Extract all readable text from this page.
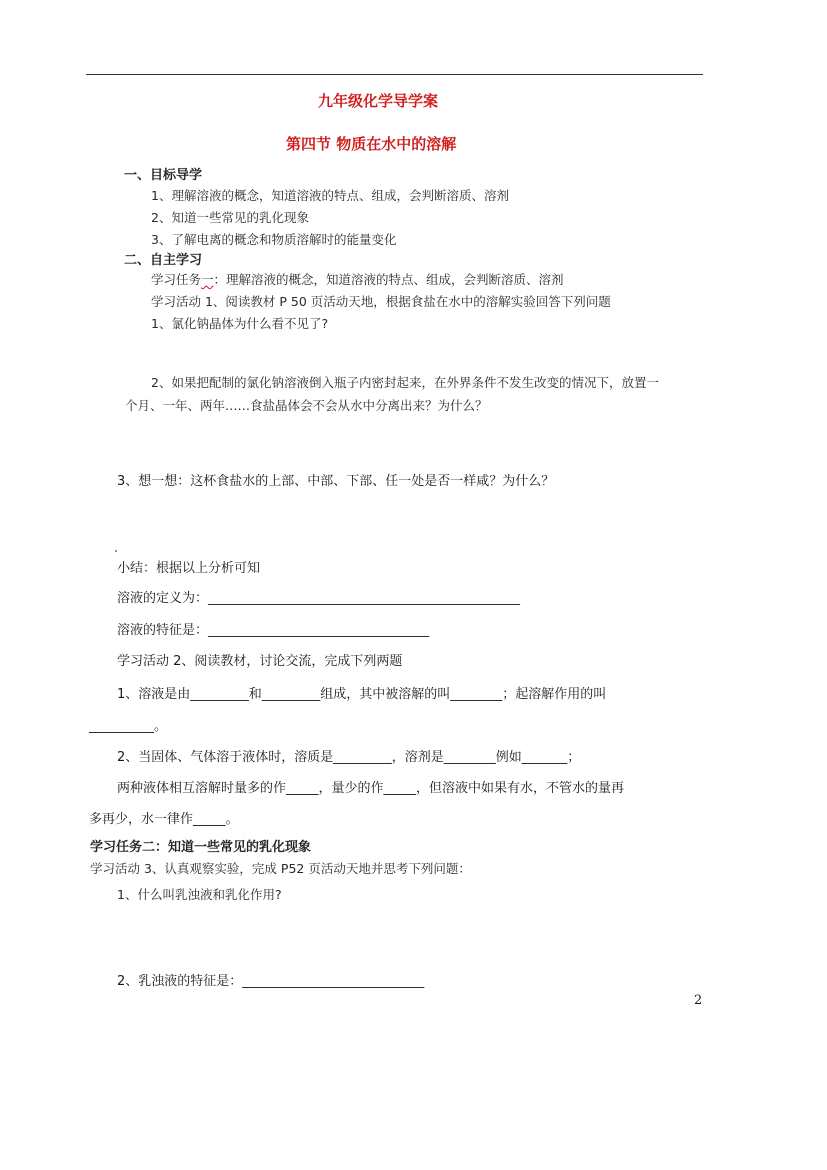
九年级化学导学案
第四节 物质在水中的溶解
一、目标导学
1、理解溶液的概念，知道溶液的特点、组成，会判断溶质、溶剂
2、知道一些常见的乳化现象
3、了解电离的概念和物质溶解时的能量变化
二、自主学习
学习任务一：理解溶液的概念，知道溶液的特点、组成，会判断溶质、溶剂
学习活动 1、阅读教材 P 50 页活动天地，根据食盐在水中的溶解实验回答下列问题
1、氯化钠晶体为什么看不见了?
2、如果把配制的氯化钠溶液倒入瓶子内密封起来，在外界条件不发生改变的情况下，放置一
个月、一年、两年……食盐晶体会不会从水中分离出来？为什么？
3、想一想：这杯食盐水的上部、中部、下部、任一处是否一样咸？为什么？
小结：根据以上分析可知
溶液的定义为：________________________________________________
溶液的特征是：__________________________________
学习活动 2、阅读教材，讨论交流，完成下列两题
1、溶液是由_________和_________组成，其中被溶解的叫________；起溶解作用的叫
__________。
2、当固体、气体溶于液体时，溶质是_________，溶剂是________例如_______；
两种液体相互溶解时量多的作_____，量少的作_____，但溶液中如果有水，不管水的量再
多再少，水一律作_____。
学习任务二：知道一些常见的乳化现象
学习活动 3、认真观察实验，完成 P52 页活动天地并思考下列问题：
1、什么叫乳浊液和乳化作用?
2、乳浊液的特征是：____________________________
2
